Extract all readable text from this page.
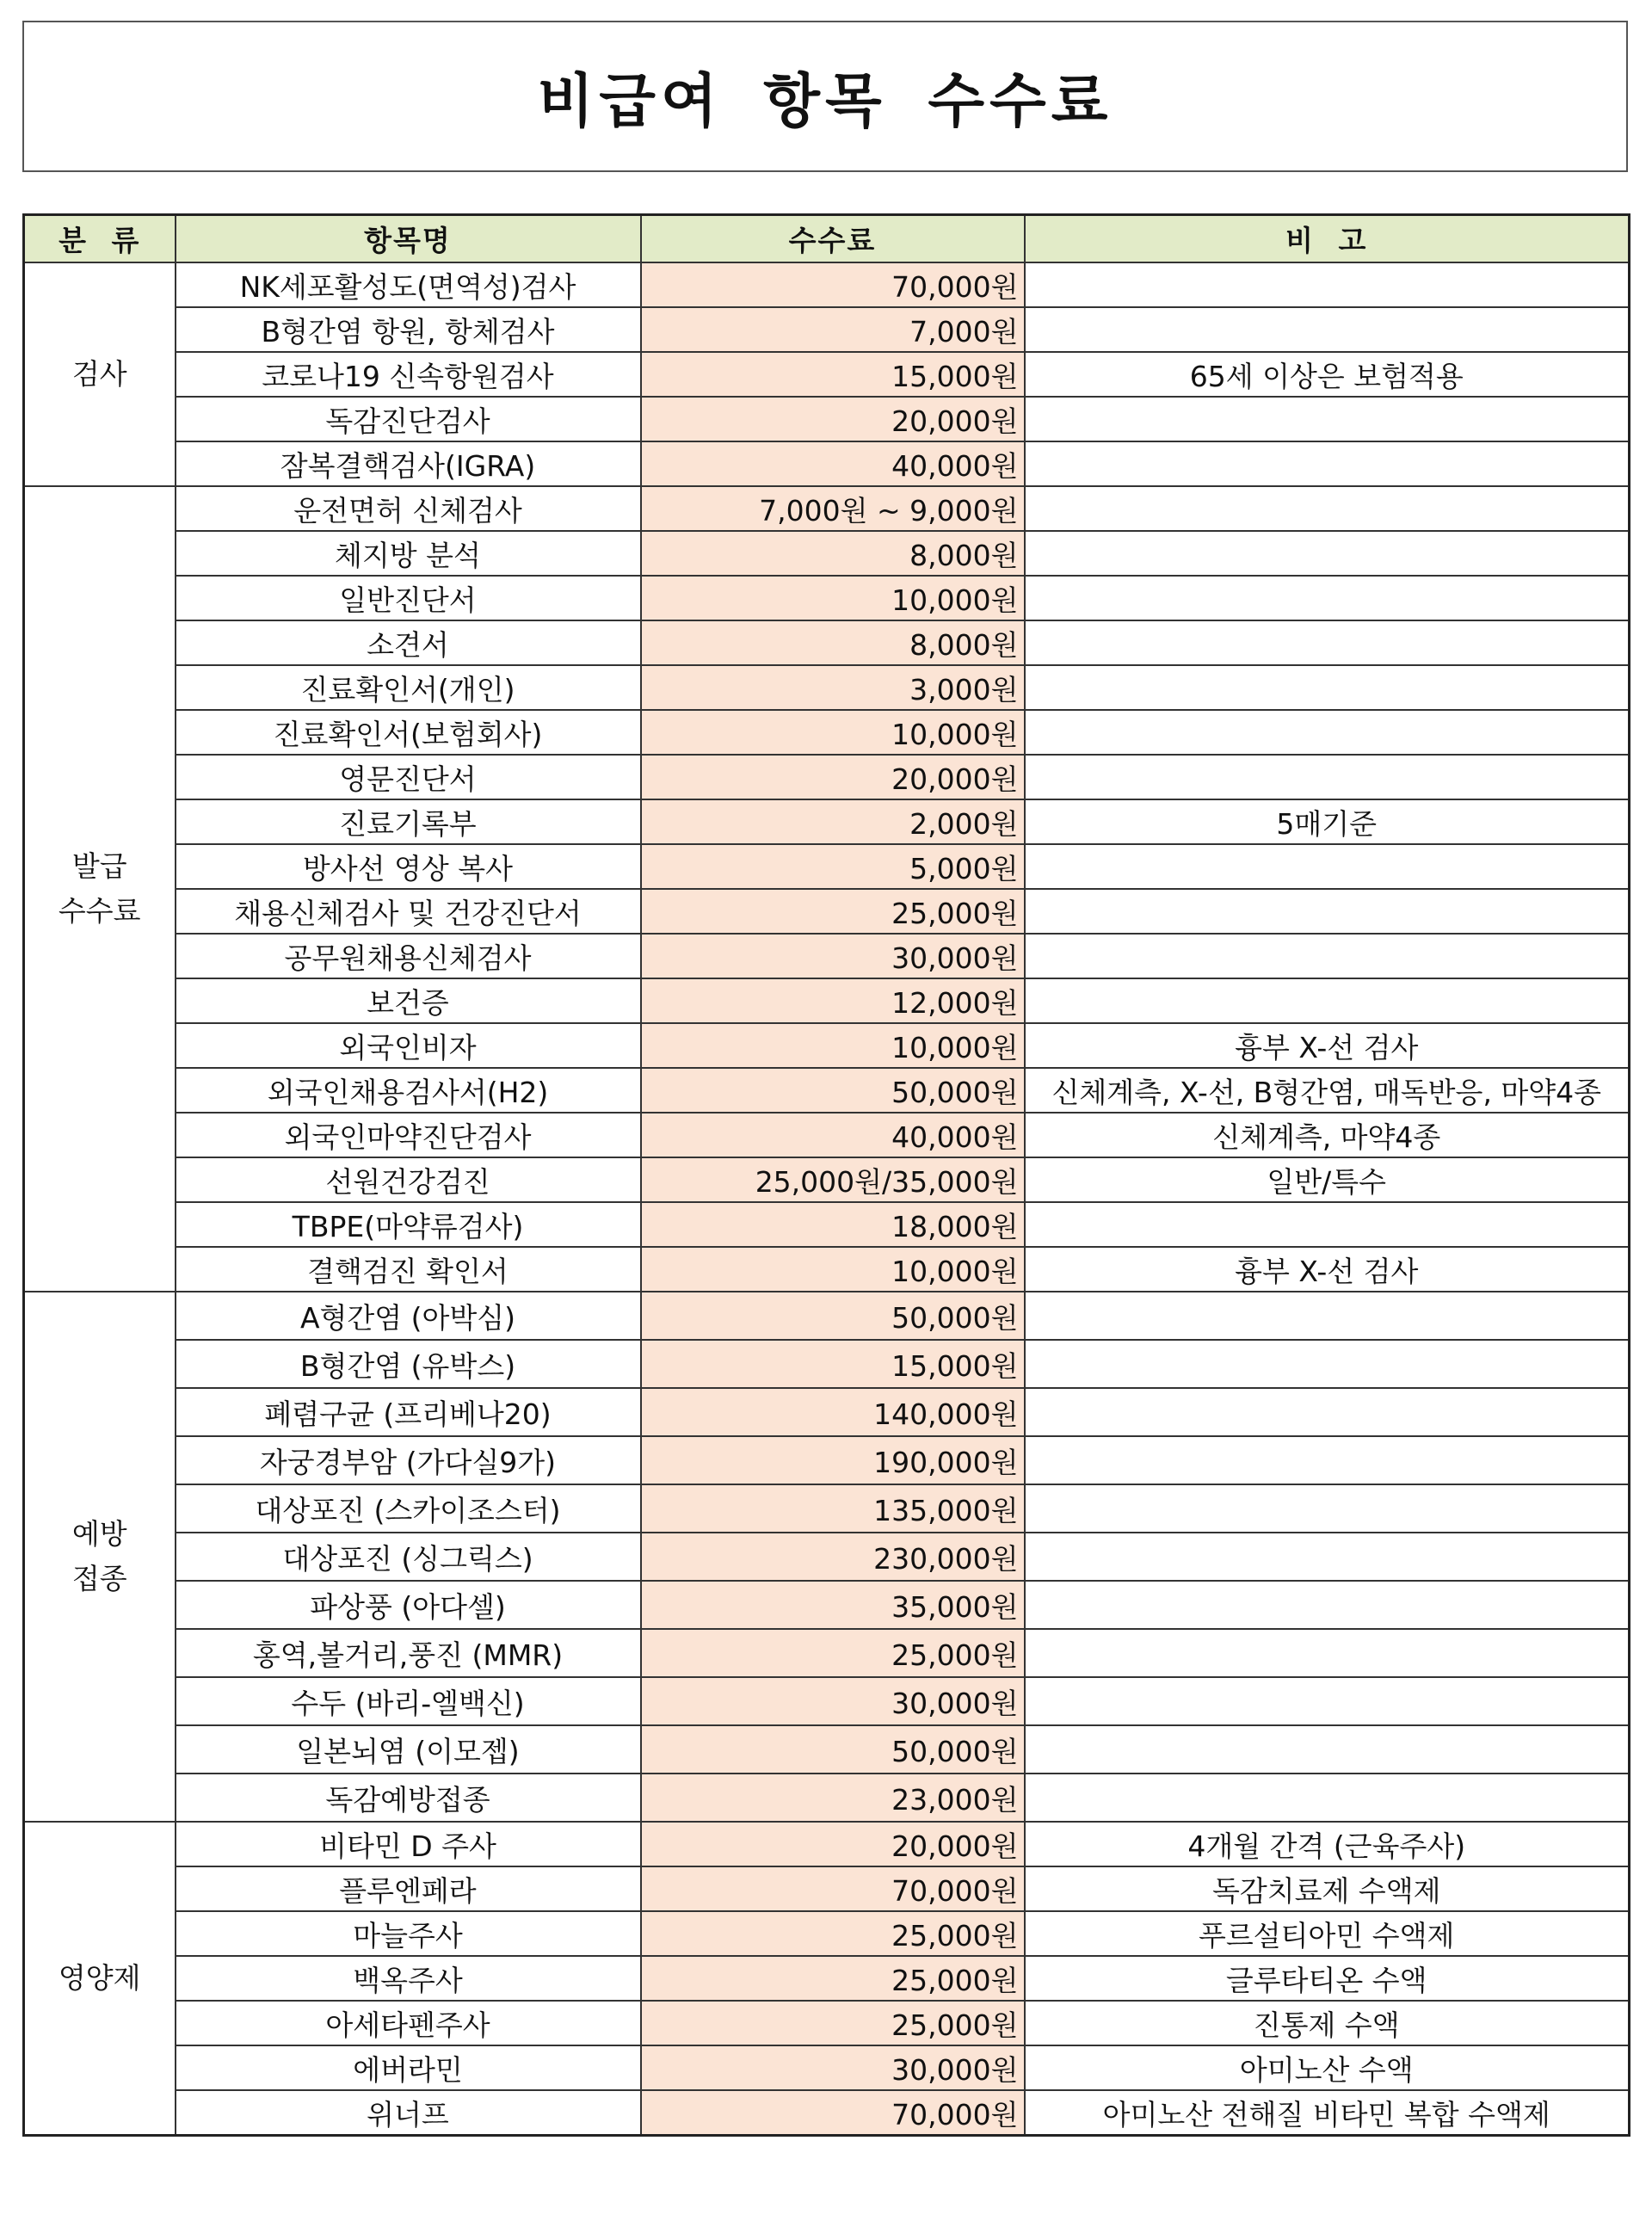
비급여 항목 수수료
분 류	항목명	수수료	비 고

검사	NK세포활성도(면역성)검사	70,000원	
	B형간염 항원, 항체검사	7,000원	
	코로나19 신속항원검사	15,000원	65세 이상은 보험적용
	독감진단검사	20,000원	
	잠복결핵검사(IGRA)	40,000원	

발급
수수료	운전면허 신체검사	7,000원 ~ 9,000원	
	체지방 분석	8,000원	
	일반진단서	10,000원	
	소견서	8,000원	
	진료확인서(개인)	3,000원	
	진료확인서(보험회사)	10,000원	
	영문진단서	20,000원	
	진료기록부	2,000원	5매기준
	방사선 영상 복사	5,000원	
	채용신체검사 및 건강진단서	25,000원	
	공무원채용신체검사	30,000원	
	보건증	12,000원	
	외국인비자	10,000원	흉부 X-선 검사
	외국인채용검사서(H2)	50,000원	신체계측, X-선, B형간염, 매독반응, 마약4종
	외국인마약진단검사	40,000원	신체계측, 마약4종
	선원건강검진	25,000원/35,000원	일반/특수
	TBPE(마약류검사)	18,000원	
	결핵검진 확인서	10,000원	흉부 X-선 검사

예방
접종	A형간염 (아박심)	50,000원	
	B형간염 (유박스)	15,000원	
	폐렴구균 (프리베나20)	140,000원	
	자궁경부암 (가다실9가)	190,000원	
	대상포진 (스카이조스터)	135,000원	
	대상포진 (싱그릭스)	230,000원	
	파상풍 (아다셀)	35,000원	
	홍역,볼거리,풍진 (MMR)	25,000원	
	수두 (바리-엘백신)	30,000원	
	일본뇌염 (이모젭)	50,000원	
	독감예방접종	23,000원	

영양제	비타민 D 주사	20,000원	4개월 간격 (근육주사)
	플루엔페라	70,000원	독감치료제 수액제
	마늘주사	25,000원	푸르설티아민 수액제
	백옥주사	25,000원	글루타티온 수액
	아세타펜주사	25,000원	진통제 수액
	에버라민	30,000원	아미노산 수액
	위너프	70,000원	아미노산 전해질 비타민 복합 수액제
